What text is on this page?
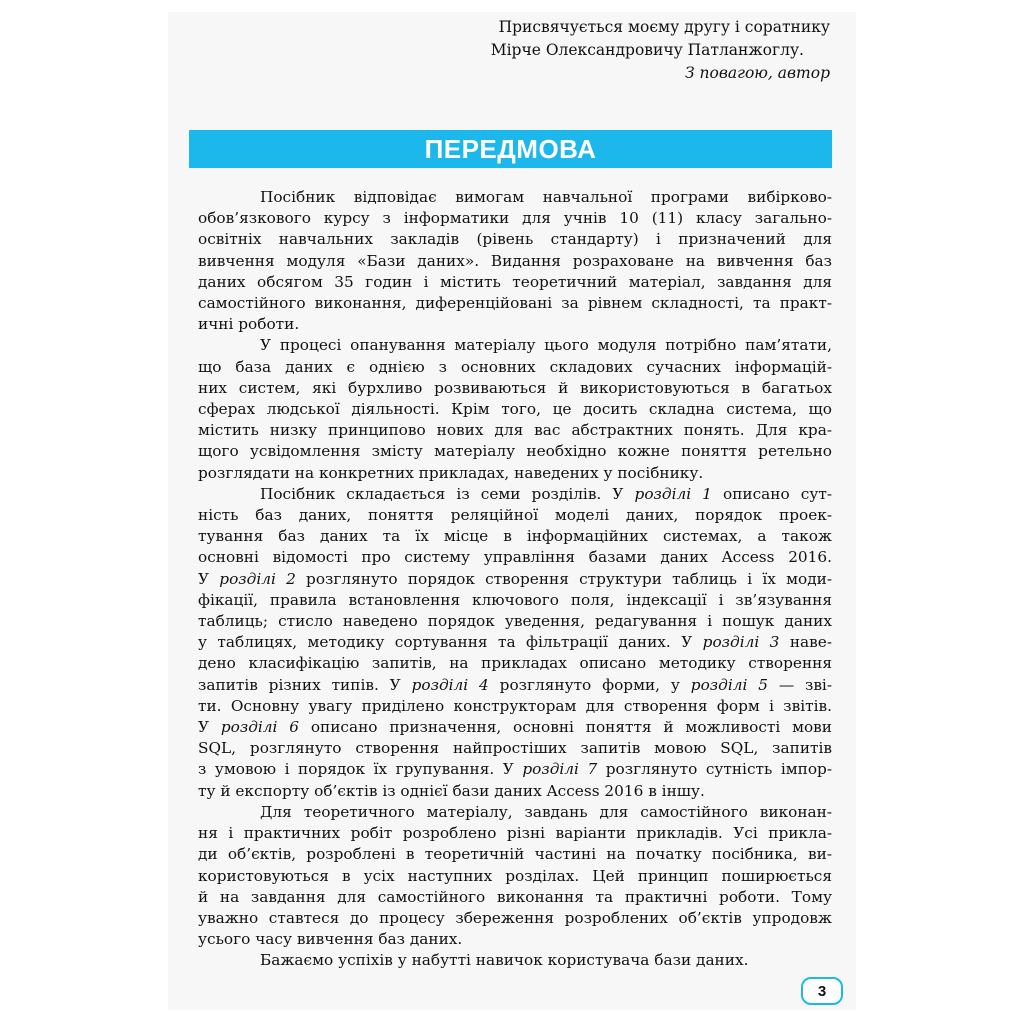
Присвячується моєму другу і соратнику
Мірче Олександровичу Патланжоглу.
З повагою, автор
ПЕРЕДМОВА
Посібник відповідає вимогам навчальної програми вибірково-
обов’язкового курсу з інформатики для учнів 10 (11) класу загально-
освітніх навчальних закладів (рівень стандарту) і призначений для
вивчення модуля «Бази даних». Видання розраховане на вивчення баз
даних обсягом 35 годин і містить теоретичний матеріал, завдання для
самостійного виконання, диференційовані за рівнем складності, та практ-
ичні роботи.
У процесі опанування матеріалу цього модуля потрібно пам’ятати,
що база даних є однією з основних складових сучасних інформацій-
них систем, які бурхливо розвиваються й використовуються в багатьох
сферах людської діяльності. Крім того, це досить складна система, що
містить низку принципово нових для вас абстрактних понять. Для кра-
щого усвідомлення змісту матеріалу необхідно кожне поняття ретельно
розглядати на конкретних прикладах, наведених у посібнику.
Посібник складається із семи розділів. У розділі 1 описано сут-
ність баз даних, поняття реляційної моделі даних, порядок проек-
тування баз даних та їх місце в інформаційних системах, а також
основні відомості про систему управління базами даних Access 2016.
У розділі 2 розглянуто порядок створення структури таблиць і їх моди-
фікації, правила встановлення ключового поля, індексації і зв’язування
таблиць; стисло наведено порядок уведення, редагування і пошук даних
у таблицях, методику сортування та фільтрації даних. У розділі 3 наве-
дено класифікацію запитів, на прикладах описано методику створення
запитів різних типів. У розділі 4 розглянуто форми, у розділі 5 — зві-
ти. Основну увагу приділено конструкторам для створення форм і звітів.
У розділі 6 описано призначення, основні поняття й можливості мови
SQL, розглянуто створення найпростіших запитів мовою SQL, запитів
з умовою і порядок їх групування. У розділі 7 розглянуто сутність імпор-
ту й експорту об’єктів із однієї бази даних Access 2016 в іншу.
Для теоретичного матеріалу, завдань для самостійного виконан-
ня і практичних робіт розроблено різні варіанти прикладів. Усі прикла-
ди об’єктів, розроблені в теоретичній частині на початку посібника, ви-
користовуються в усіх наступних розділах. Цей принцип поширюється
й на завдання для самостійного виконання та практичні роботи. Тому
уважно ставтеся до процесу збереження розроблених об’єктів упродовж
усього часу вивчення баз даних.
Бажаємо успіхів у набутті навичок користувача бази даних.
3
